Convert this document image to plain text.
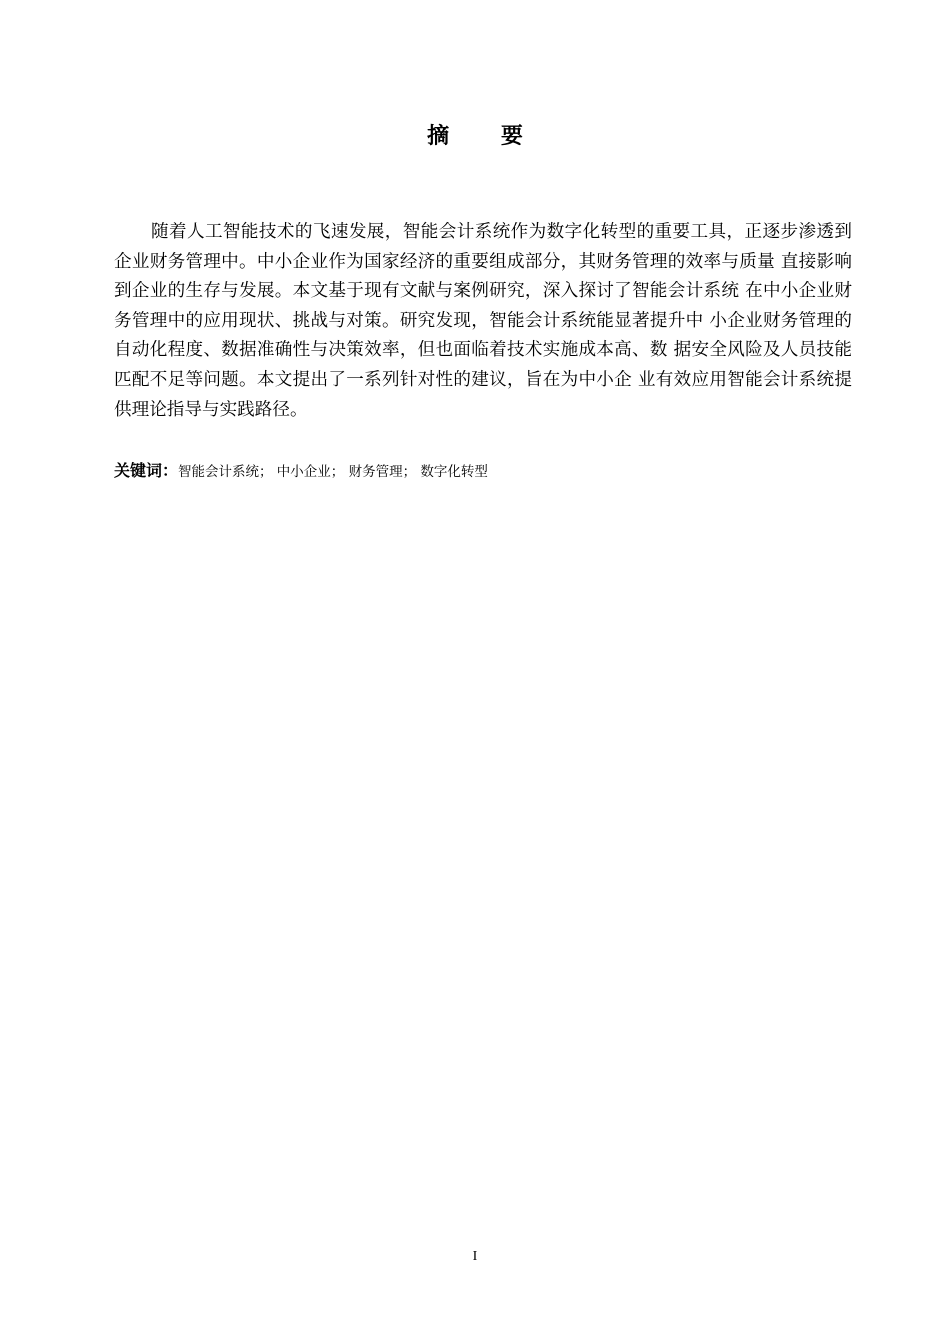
摘 要

随着人工智能技术的飞速发展，智能会计系统作为数字化转型的重要工具，正逐步渗透到企业财务管理中。中小企业作为国家经济的重要组成部分，其财务管理的效率与质量 直接影响到企业的生存与发展。本文基于现有文献与案例研究，深入探讨了智能会计系统 在中小企业财务管理中的应用现状、挑战与对策。研究发现，智能会计系统能显著提升中 小企业财务管理的自动化程度、数据准确性与决策效率，但也面临着技术实施成本高、数 据安全风险及人员技能匹配不足等问题。本文提出了一系列针对性的建议，旨在为中小企 业有效应用智能会计系统提供理论指导与实践路径。

关键词：智能会计系统； 中小企业； 财务管理； 数字化转型
I
